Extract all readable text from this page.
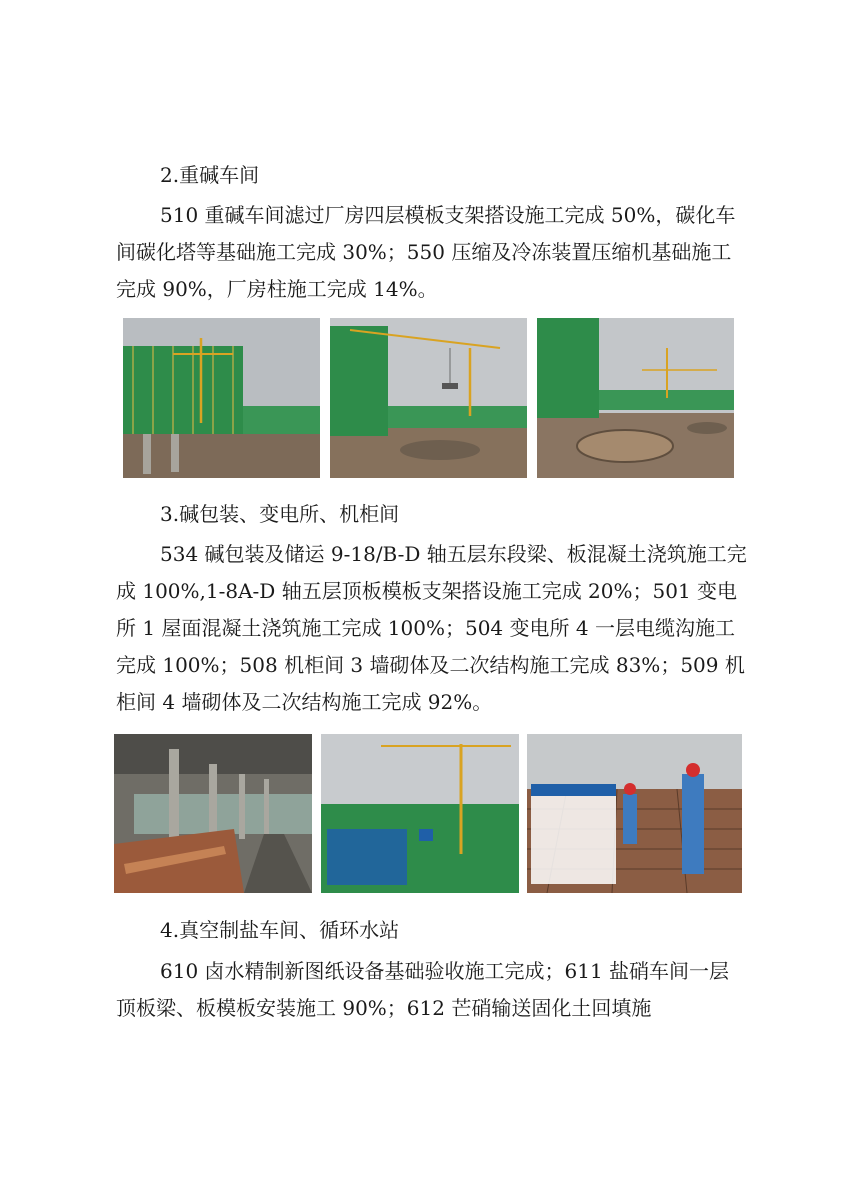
2.重碱车间

510 重碱车间滤过厂房四层模板支架搭设施工完成 50%，碳化车间碳化塔等基础施工完成 30%；550 压缩及冷冻装置压缩机基础施工完成 90%，厂房柱施工完成 14%。

3.碱包装、变电所、机柜间

534 碱包装及储运 9-18/B-D 轴五层东段梁、板混凝土浇筑施工完成 100%,1-8A-D 轴五层顶板模板支架搭设施工完成 20%；501 变电所 1 屋面混凝土浇筑施工完成 100%；504 变电所 4 一层电缆沟施工完成 100%；508 机柜间 3 墙砌体及二次结构施工完成 83%；509 机柜间 4 墙砌体及二次结构施工完成 92%。

4.真空制盐车间、循环水站

610 卤水精制新图纸设备基础验收施工完成；611 盐硝车间一层顶板梁、板模板安装施工 90%；612 芒硝输送固化土回填施
